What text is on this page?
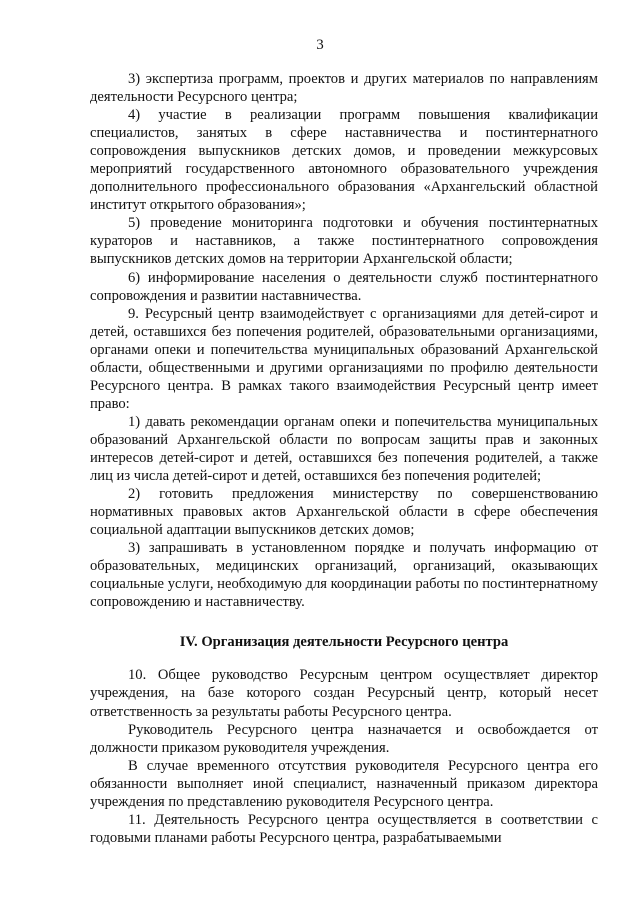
3

3) экспертиза программ, проектов и других материалов по направлениям деятельности Ресурсного центра;

4) участие в реализации программ повышения квалификации специалистов, занятых в сфере наставничества и постинтернатного сопровождения выпускников детских домов, и проведении межкурсовых мероприятий государственного автономного образовательного учреждения дополнительного профессионального образования «Архангельский областной институт открытого образования»;

5) проведение мониторинга подготовки и обучения постинтернатных кураторов и наставников, а также постинтернатного сопровождения выпускников детских домов на территории Архангельской области;

6) информирование населения о деятельности служб постинтернатного сопровождения и развитии наставничества.

9. Ресурсный центр взаимодействует с организациями для детей-сирот и детей, оставшихся без попечения родителей, образовательными организациями, органами опеки и попечительства муниципальных образований Архангельской области, общественными и другими организациями по профилю деятельности Ресурсного центра. В рамках такого взаимодействия Ресурсный центр имеет право:

1) давать рекомендации органам опеки и попечительства муниципальных образований Архангельской области по вопросам защиты прав и законных интересов детей-сирот и детей, оставшихся без попечения родителей, а также лиц из числа детей-сирот и детей, оставшихся без попечения родителей;

2) готовить предложения министерству по совершенствованию нормативных правовых актов Архангельской области в сфере обеспечения социальной адаптации выпускников детских домов;

3) запрашивать в установленном порядке и получать информацию от образовательных, медицинских организаций, организаций, оказывающих социальные услуги, необходимую для координации работы по постинтернатному сопровождению и наставничеству.

IV. Организация деятельности Ресурсного центра

10. Общее руководство Ресурсным центром осуществляет директор учреждения, на базе которого создан Ресурсный центр, который несет ответственность за результаты работы Ресурсного центра.

Руководитель Ресурсного центра назначается и освобождается от должности приказом руководителя учреждения.

В случае временного отсутствия руководителя Ресурсного центра его обязанности выполняет иной специалист, назначенный приказом директора учреждения по представлению руководителя Ресурсного центра.

11. Деятельность Ресурсного центра осуществляется в соответствии с годовыми планами работы Ресурсного центра, разрабатываемыми
